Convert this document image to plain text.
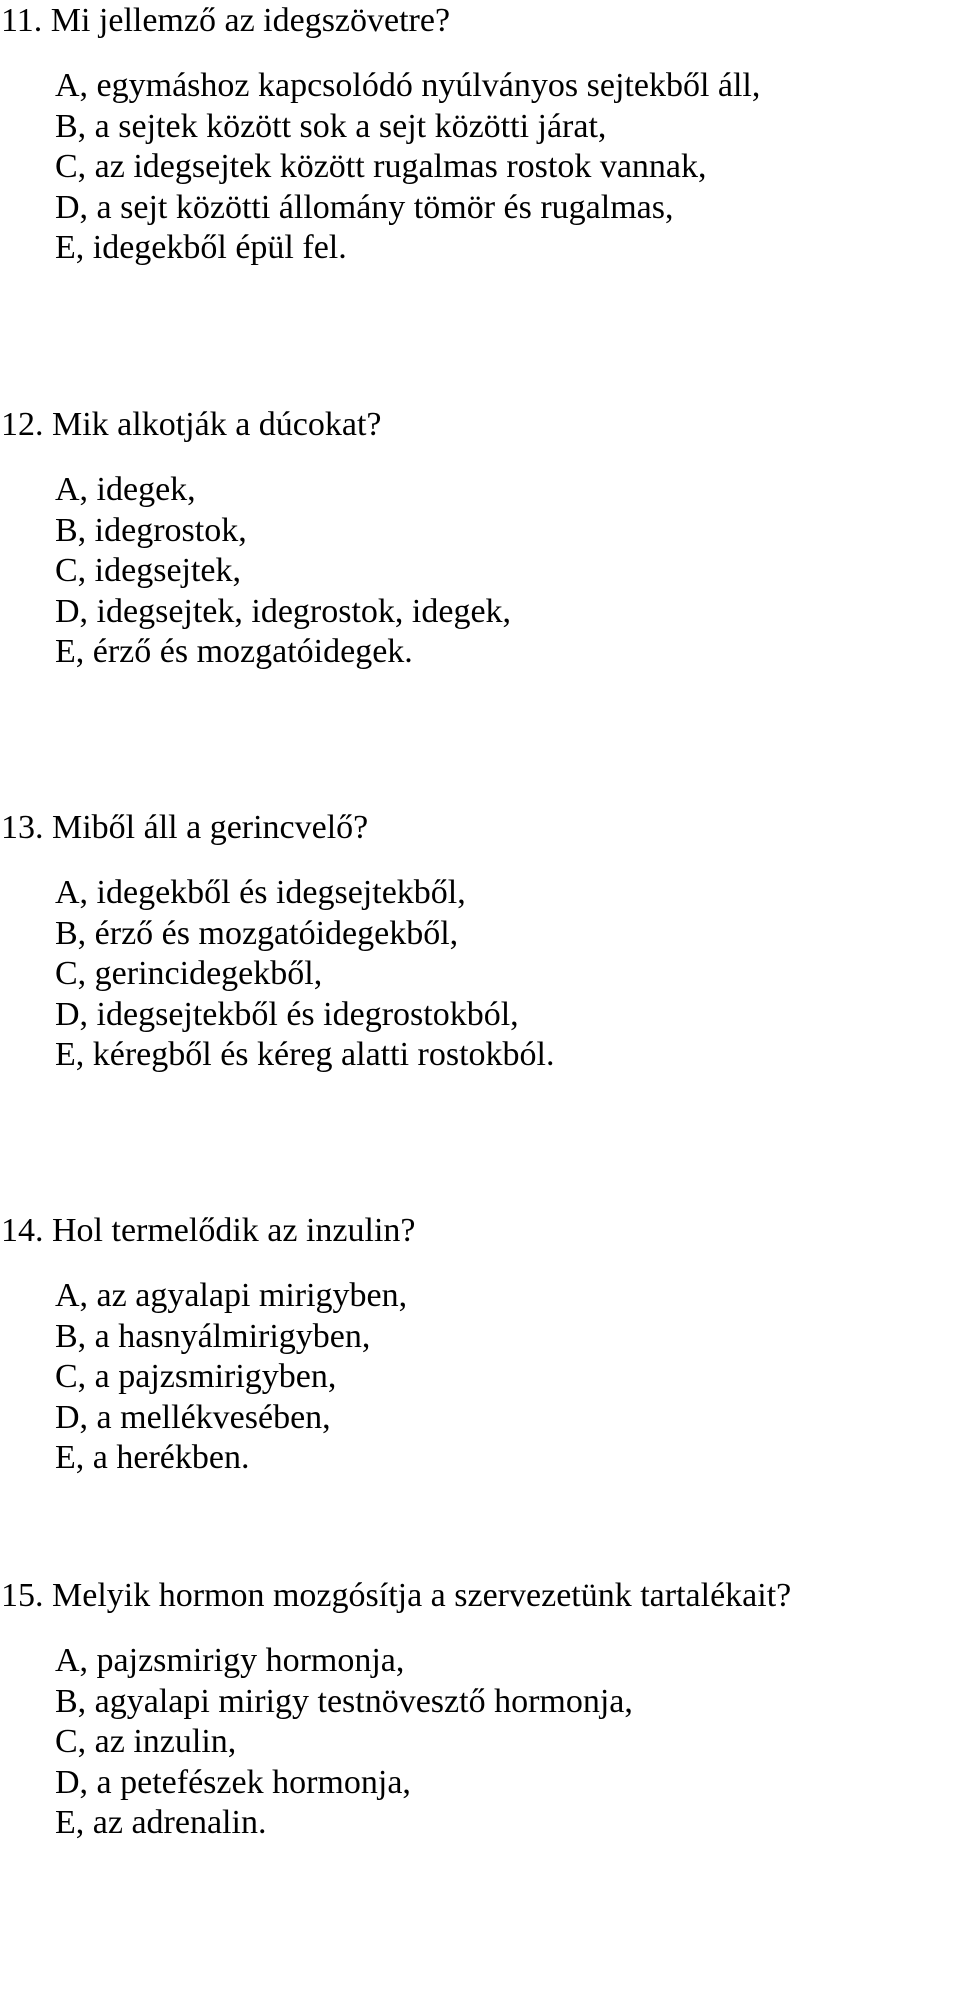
11. Mi jellemző az idegszövetre?
A, egymáshoz kapcsolódó nyúlványos sejtekből áll,
B, a sejtek között sok a sejt közötti járat,
C, az idegsejtek között rugalmas rostok vannak,
D, a sejt közötti állomány tömör és rugalmas,
E, idegekből épül fel.
12. Mik alkotják a dúcokat?
A, idegek,
B, idegrostok,
C, idegsejtek,
D, idegsejtek, idegrostok, idegek,
E, érző és mozgatóidegek.
13. Miből áll a gerincvelő?
A, idegekből és idegsejtekből,
B, érző és mozgatóidegekből,
C, gerincidegekből,
D, idegsejtekből és idegrostokból,
E, kéregből és kéreg alatti rostokból.
14. Hol termelődik az inzulin?
A, az agyalapi mirigyben,
B, a hasnyálmirigyben,
C, a pajzsmirigyben,
D, a mellékvesében,
E, a herékben.
15. Melyik hormon mozgósítja a szervezetünk tartalékait?
A, pajzsmirigy hormonja,
B, agyalapi mirigy testnövesztő hormonja,
C, az inzulin,
D, a petefészek hormonja,
E, az adrenalin.
